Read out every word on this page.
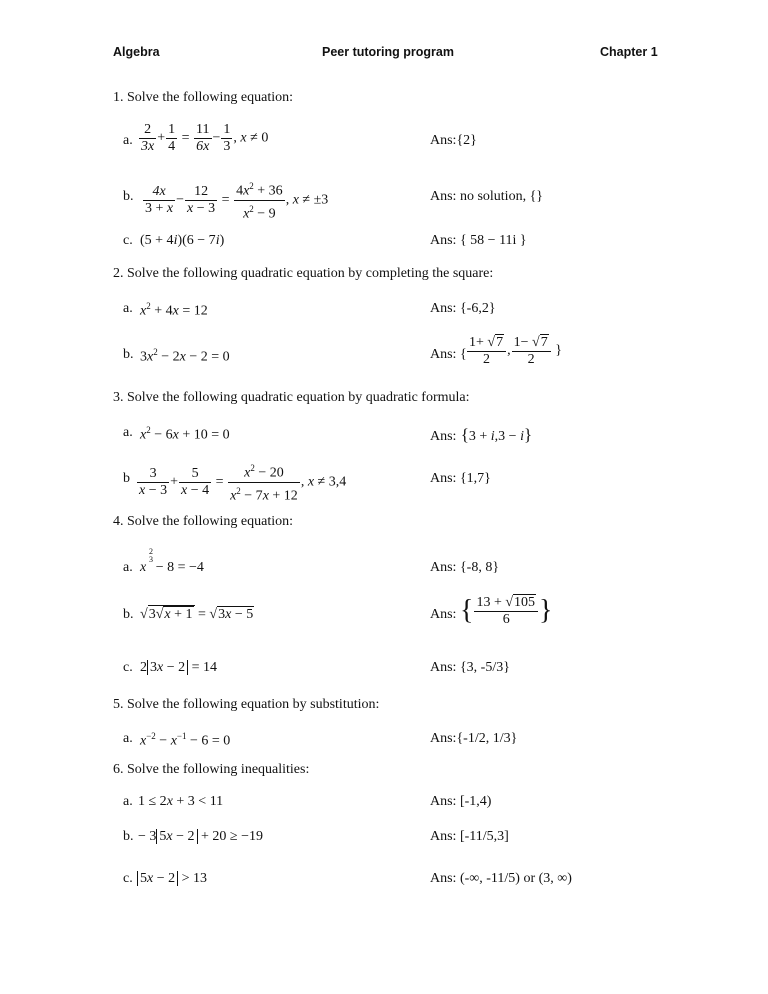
Algebra	Peer tutoring program	Chapter 1
1. Solve the following equation:
a. $\frac{2}{3x} + \frac{1}{4} = \frac{11}{6x} - \frac{1}{3}$ , x ≠ 0	Ans:{2}
b. $\frac{4x}{3 + x} - \frac{12}{x - 3} = \frac{4x^2 + 36}{x^2 - 9}$ , x ≠ ±3	Ans: no solution, {}
c. (5 + 4i)(6 − 7i)	Ans: { 58 − 11i }
2. Solve the following quadratic equation by completing the square:
a. $x^2 + 4x = 12$	Ans: {-6,2}
b. $3x^2 - 2x - 2 = 0$	Ans: { $\frac{1+ √7}{2}$ , $\frac{1- √7}{2}$ }
3. Solve the following quadratic equation by quadratic formula:
a. $x^2 - 6x + 10 = 0$	Ans: {3 + i,3 − i}
b $\frac{3}{x - 3} + \frac{5}{x - 4} = \frac{x^2 - 20}{x^2 - 7x + 12}$ , x ≠ 3,4	Ans: {1,7}
4. Solve the following equation:
a. x
2
3
− 8 = −4	Ans: {-8, 8}
b. √3√x + 1 = √3x − 5	Ans: { $\frac{13 + √105}{6}$ }
c. 2 3x − 2 = 14	Ans: {3, -5/3}
5. Solve the following equation by substitution:
a. $x^{-2} - x^{-1} - 6 = 0$	Ans:{-1/2, 1/3}
6. Solve the following inequalities:
a. 1 ≤ 2x + 3 < 11	Ans: [-1,4)
b. − 3 5x − 2 + 20 ≥ −19	Ans: [-11/5,3]
c. 5x − 2 > 13	Ans: (-∞, -11/5) or (3, ∞)
